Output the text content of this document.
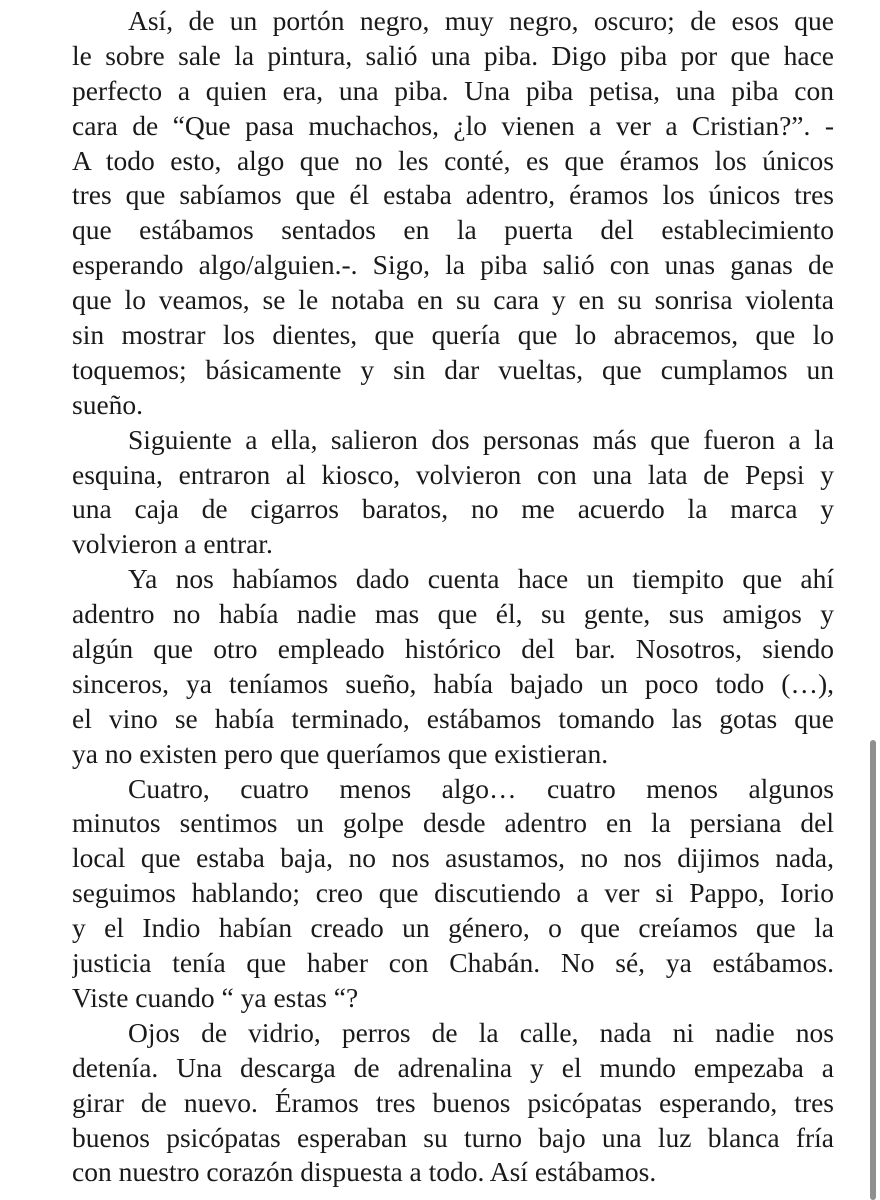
Así, de un portón negro, muy negro, oscuro; de esos que
le sobre sale la pintura, salió una piba. Digo piba por que hace
perfecto a quien era, una piba. Una piba petisa, una piba con
cara de “Que pasa muchachos, ¿lo vienen a ver a Cristian?”. -
A todo esto, algo que no les conté, es que éramos los únicos
tres que sabíamos que él estaba adentro, éramos los únicos tres
que estábamos sentados en la puerta del establecimiento
esperando algo/alguien.-. Sigo, la piba salió con unas ganas de
que lo veamos, se le notaba en su cara y en su sonrisa violenta
sin mostrar los dientes, que quería que lo abracemos, que lo
toquemos; básicamente y sin dar vueltas, que cumplamos un
sueño.
Siguiente a ella, salieron dos personas más que fueron a la
esquina, entraron al kiosco, volvieron con una lata de Pepsi y
una caja de cigarros baratos, no me acuerdo la marca y
volvieron a entrar.
Ya nos habíamos dado cuenta hace un tiempito que ahí
adentro no había nadie mas que él, su gente, sus amigos y
algún que otro empleado histórico del bar. Nosotros, siendo
sinceros, ya teníamos sueño, había bajado un poco todo (…),
el vino se había terminado, estábamos tomando las gotas que
ya no existen pero que queríamos que existieran.
Cuatro, cuatro menos algo… cuatro menos algunos
minutos sentimos un golpe desde adentro en la persiana del
local que estaba baja, no nos asustamos, no nos dijimos nada,
seguimos hablando; creo que discutiendo a ver si Pappo, Iorio
y el Indio habían creado un género, o que creíamos que la
justicia tenía que haber con Chabán. No sé, ya estábamos.
Viste cuando “ ya estas “?
Ojos de vidrio, perros de la calle, nada ni nadie nos
detenía. Una descarga de adrenalina y el mundo empezaba a
girar de nuevo. Éramos tres buenos psicópatas esperando, tres
buenos psicópatas esperaban su turno bajo una luz blanca fría
con nuestro corazón dispuesta a todo. Así estábamos.
